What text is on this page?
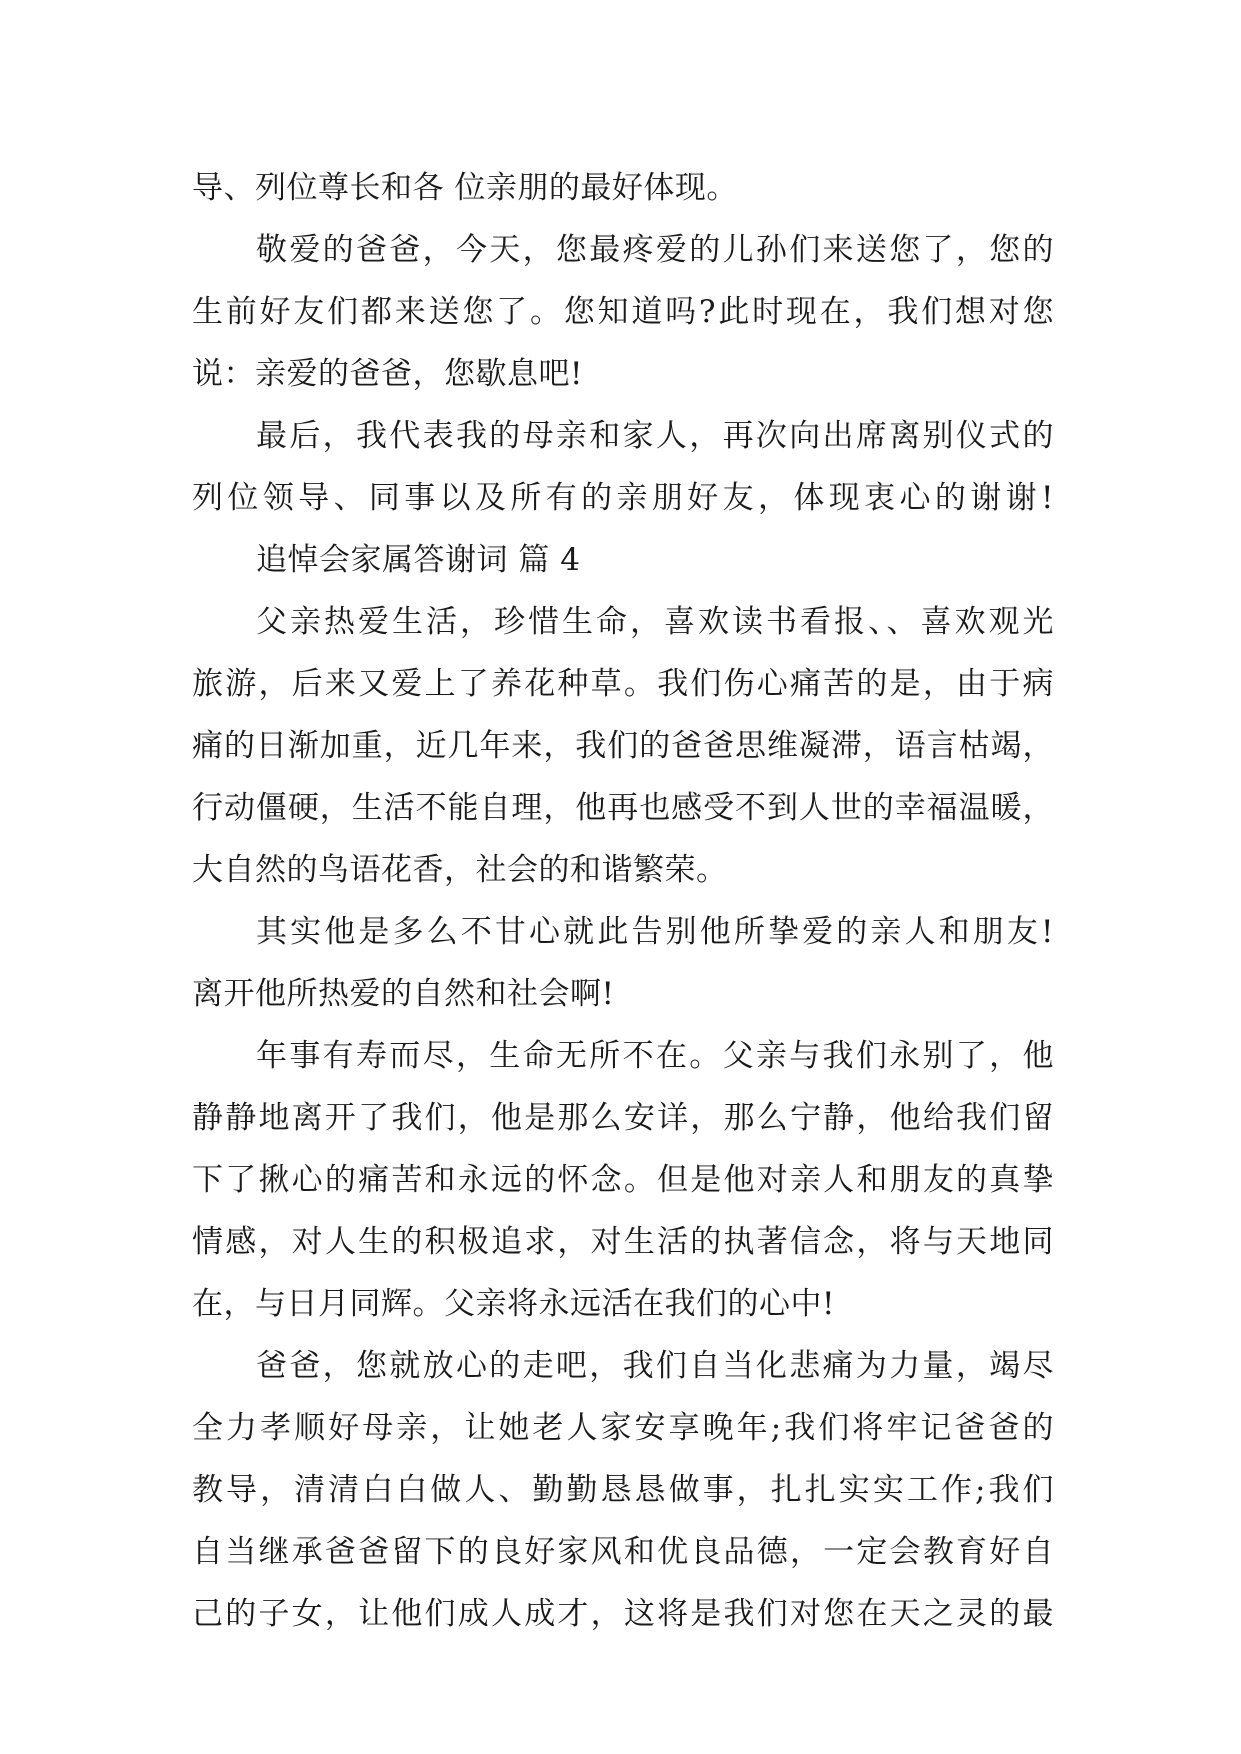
导、列位尊长和各 位亲朋的最好体现。
敬爱的爸爸，今天，您最疼爱的儿孙们来送您了，您的
生前好友们都来送您了。您知道吗?此时现在，我们想对您
说：亲爱的爸爸，您歇息吧!
最后，我代表我的母亲和家人，再次向出席离别仪式的
列位领导、同事以及所有的亲朋好友，体现衷心的谢谢!
追悼会家属答谢词 篇 4
父亲热爱生活，珍惜生命，喜欢读书看报、、喜欢观光
旅游，后来又爱上了养花种草。我们伤心痛苦的是，由于病
痛的日渐加重，近几年来，我们的爸爸思维凝滞，语言枯竭，
行动僵硬，生活不能自理，他再也感受不到人世的幸福温暖，
大自然的鸟语花香，社会的和谐繁荣。
其实他是多么不甘心就此告别他所挚爱的亲人和朋友!
离开他所热爱的自然和社会啊!
年事有寿而尽，生命无所不在。父亲与我们永别了，他
静静地离开了我们，他是那么安详，那么宁静，他给我们留
下了揪心的痛苦和永远的怀念。但是他对亲人和朋友的真挚
情感，对人生的积极追求，对生活的执著信念，将与天地同
在，与日月同辉。父亲将永远活在我们的心中!
爸爸，您就放心的走吧，我们自当化悲痛为力量，竭尽
全力孝顺好母亲，让她老人家安享晚年;我们将牢记爸爸的
教导，清清白白做人、勤勤恳恳做事，扎扎实实工作;我们
自当继承爸爸留下的良好家风和优良品德，一定会教育好自
己的子女，让他们成人成才，这将是我们对您在天之灵的最
